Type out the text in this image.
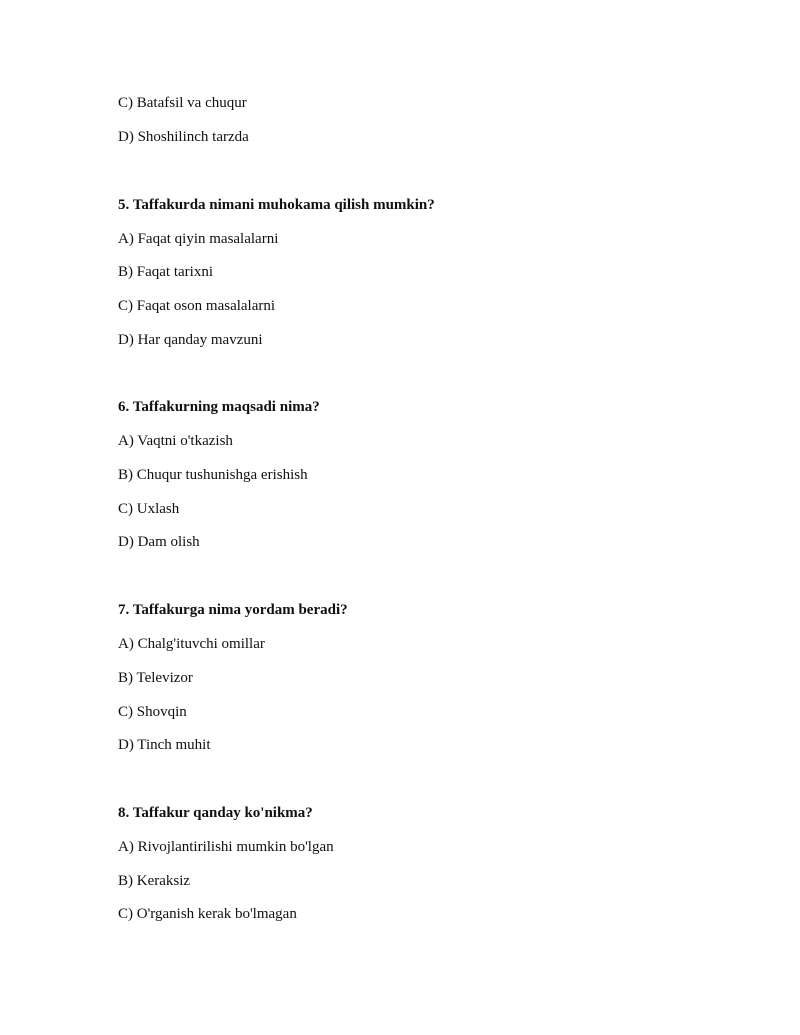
C) Batafsil va chuqur
D) Shoshilinch tarzda
5. Taffakurda nimani muhokama qilish mumkin?
A) Faqat qiyin masalalarni
B) Faqat tarixni
C) Faqat oson masalalarni
D) Har qanday mavzuni
6. Taffakurning maqsadi nima?
A) Vaqtni o'tkazish
B) Chuqur tushunishga erishish
C) Uxlash
D) Dam olish
7. Taffakurga nima yordam beradi?
A) Chalg'ituvchi omillar
B) Televizor
C) Shovqin
D) Tinch muhit
8. Taffakur qanday ko'nikma?
A) Rivojlantirilishi mumkin bo'lgan
B) Keraksiz
C) O'rganish kerak bo'lmagan
